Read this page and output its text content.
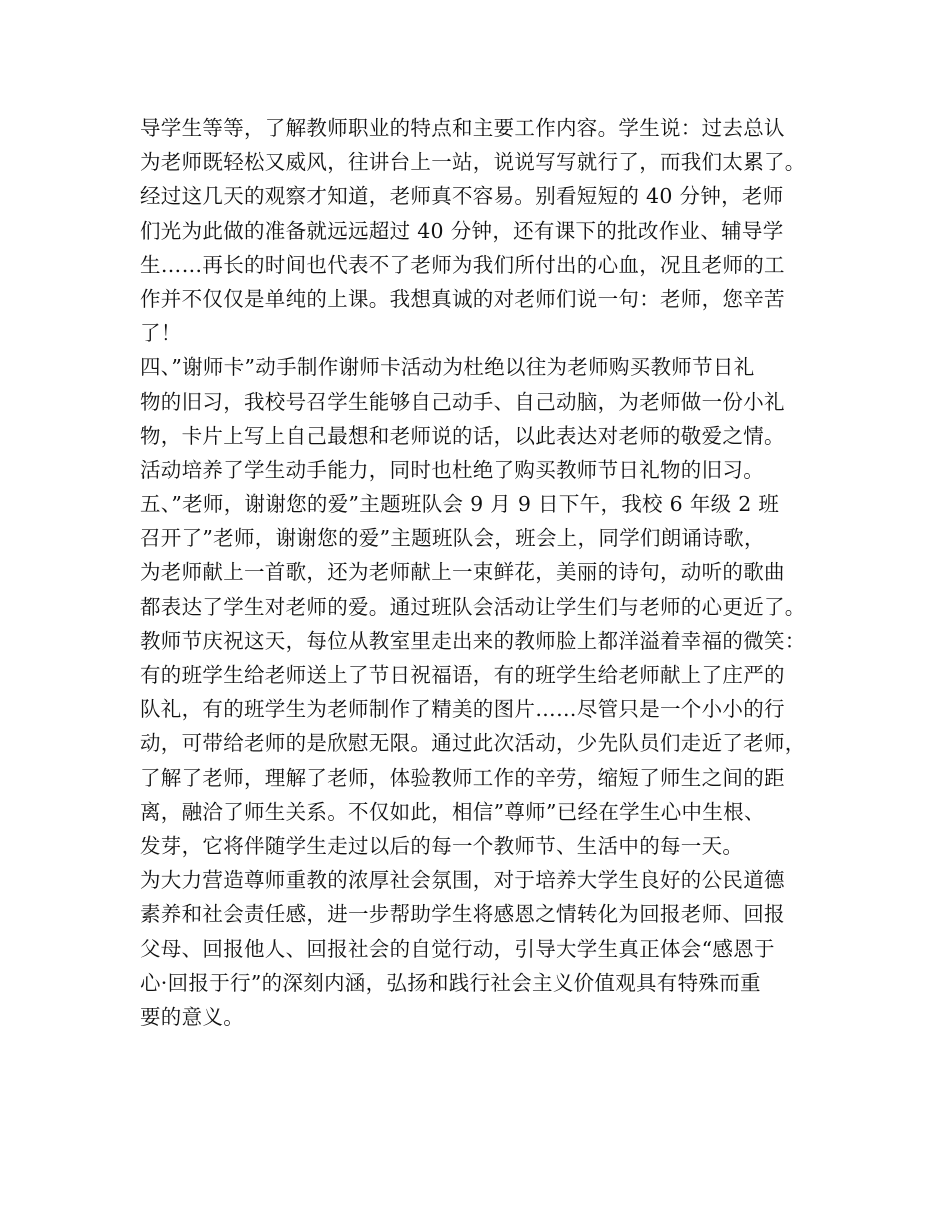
导学生等等，了解教师职业的特点和主要工作内容。学生说：过去总认
为老师既轻松又威风，往讲台上一站，说说写写就行了，而我们太累了。
经过这几天的观察才知道，老师真不容易。别看短短的 40 分钟，老师
们光为此做的准备就远远超过 40 分钟，还有课下的批改作业、辅导学
生……再长的时间也代表不了老师为我们所付出的心血，况且老师的工
作并不仅仅是单纯的上课。我想真诚的对老师们说一句：老师，您辛苦
了！
四、”谢师卡”动手制作谢师卡活动为杜绝以往为老师购买教师节日礼
物的旧习，我校号召学生能够自己动手、自己动脑，为老师做一份小礼
物，卡片上写上自己最想和老师说的话，以此表达对老师的敬爱之情。
活动培养了学生动手能力，同时也杜绝了购买教师节日礼物的旧习。
五、”老师，谢谢您的爱”主题班队会 9 月 9 日下午，我校 6 年级 2 班
召开了”老师，谢谢您的爱”主题班队会，班会上，同学们朗诵诗歌，
为老师献上一首歌，还为老师献上一束鲜花，美丽的诗句，动听的歌曲
都表达了学生对老师的爱。通过班队会活动让学生们与老师的心更近了。
教师节庆祝这天，每位从教室里走出来的教师脸上都洋溢着幸福的微笑：
有的班学生给老师送上了节日祝福语，有的班学生给老师献上了庄严的
队礼，有的班学生为老师制作了精美的图片……尽管只是一个小小的行
动，可带给老师的是欣慰无限。通过此次活动，少先队员们走近了老师，
了解了老师，理解了老师，体验教师工作的辛劳，缩短了师生之间的距
离，融洽了师生关系。不仅如此，相信”尊师”已经在学生心中生根、
发芽，它将伴随学生走过以后的每一个教师节、生活中的每一天。
为大力营造尊师重教的浓厚社会氛围，对于培养大学生良好的公民道德
素养和社会责任感，进一步帮助学生将感恩之情转化为回报老师、回报
父母、回报他人、回报社会的自觉行动，引导大学生真正体会“感恩于
心·回报于行”的深刻内涵，弘扬和践行社会主义价值观具有特殊而重
要的意义。
